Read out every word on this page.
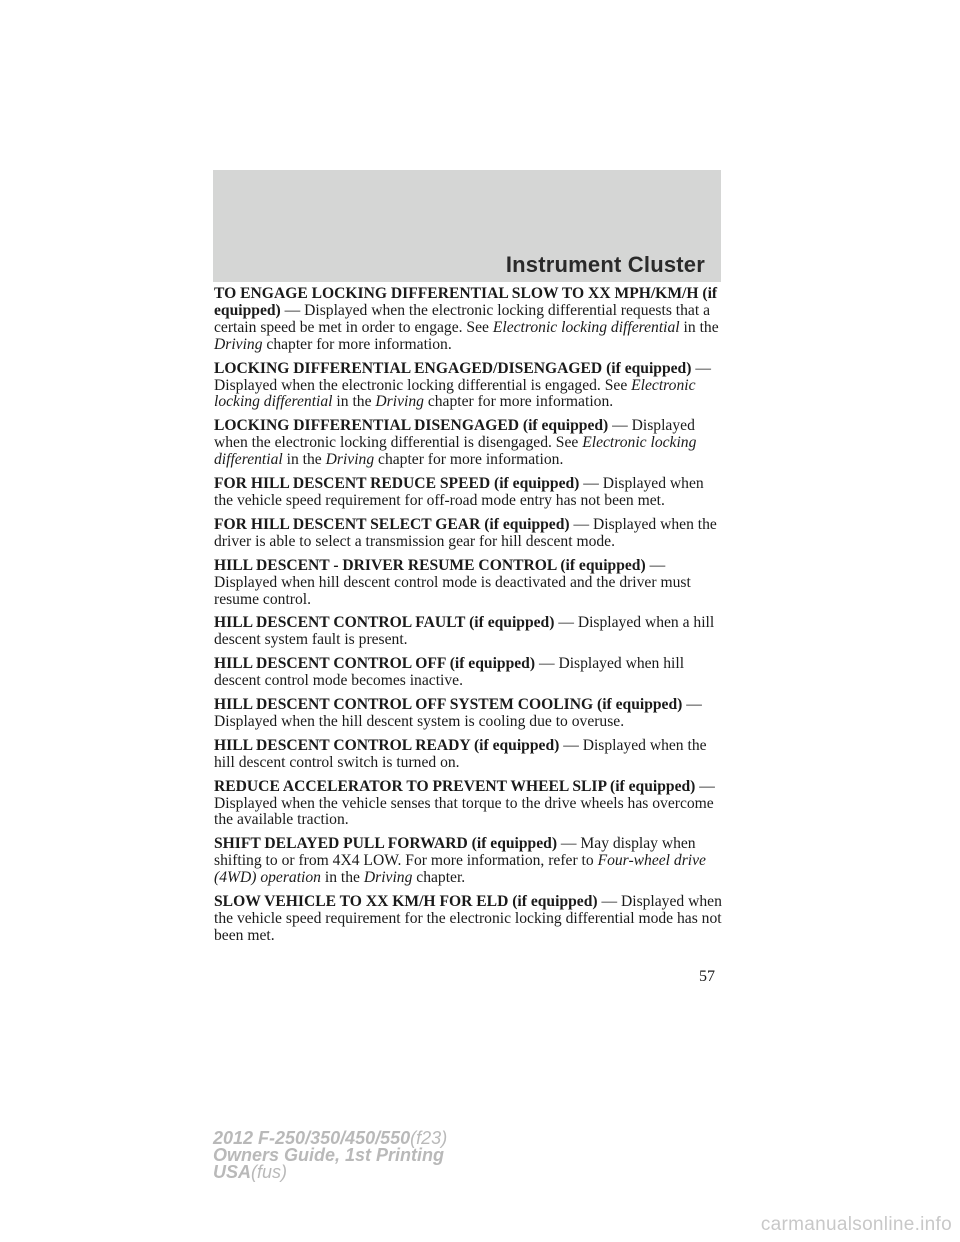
Instrument Cluster

TO ENGAGE LOCKING DIFFERENTIAL SLOW TO XX MPH/KM/H (if equipped) — Displayed when the electronic locking differential requests that a certain speed be met in order to engage. See Electronic locking differential in the Driving chapter for more information.

LOCKING DIFFERENTIAL ENGAGED/DISENGAGED (if equipped) — Displayed when the electronic locking differential is engaged. See Electronic locking differential in the Driving chapter for more information.

LOCKING DIFFERENTIAL DISENGAGED (if equipped) — Displayed when the electronic locking differential is disengaged. See Electronic locking differential in the Driving chapter for more information.

FOR HILL DESCENT REDUCE SPEED (if equipped) — Displayed when the vehicle speed requirement for off-road mode entry has not been met.

FOR HILL DESCENT SELECT GEAR (if equipped) — Displayed when the driver is able to select a transmission gear for hill descent mode.

HILL DESCENT - DRIVER RESUME CONTROL (if equipped) — Displayed when hill descent control mode is deactivated and the driver must resume control.

HILL DESCENT CONTROL FAULT (if equipped) — Displayed when a hill descent system fault is present.

HILL DESCENT CONTROL OFF (if equipped) — Displayed when hill descent control mode becomes inactive.

HILL DESCENT CONTROL OFF SYSTEM COOLING (if equipped) — Displayed when the hill descent system is cooling due to overuse.

HILL DESCENT CONTROL READY (if equipped) — Displayed when the hill descent control switch is turned on.

REDUCE ACCELERATOR TO PREVENT WHEEL SLIP (if equipped) — Displayed when the vehicle senses that torque to the drive wheels has overcome the available traction.

SHIFT DELAYED PULL FORWARD (if equipped) — May display when shifting to or from 4X4 LOW. For more information, refer to Four-wheel drive (4WD) operation in the Driving chapter.

SLOW VEHICLE TO XX KM/H FOR ELD (if equipped) — Displayed when the vehicle speed requirement for the electronic locking differential mode has not been met.

57
2012 F-250/350/450/550(f23)
Owners Guide, 1st Printing
USA(fus)
carmanualsonline.info
